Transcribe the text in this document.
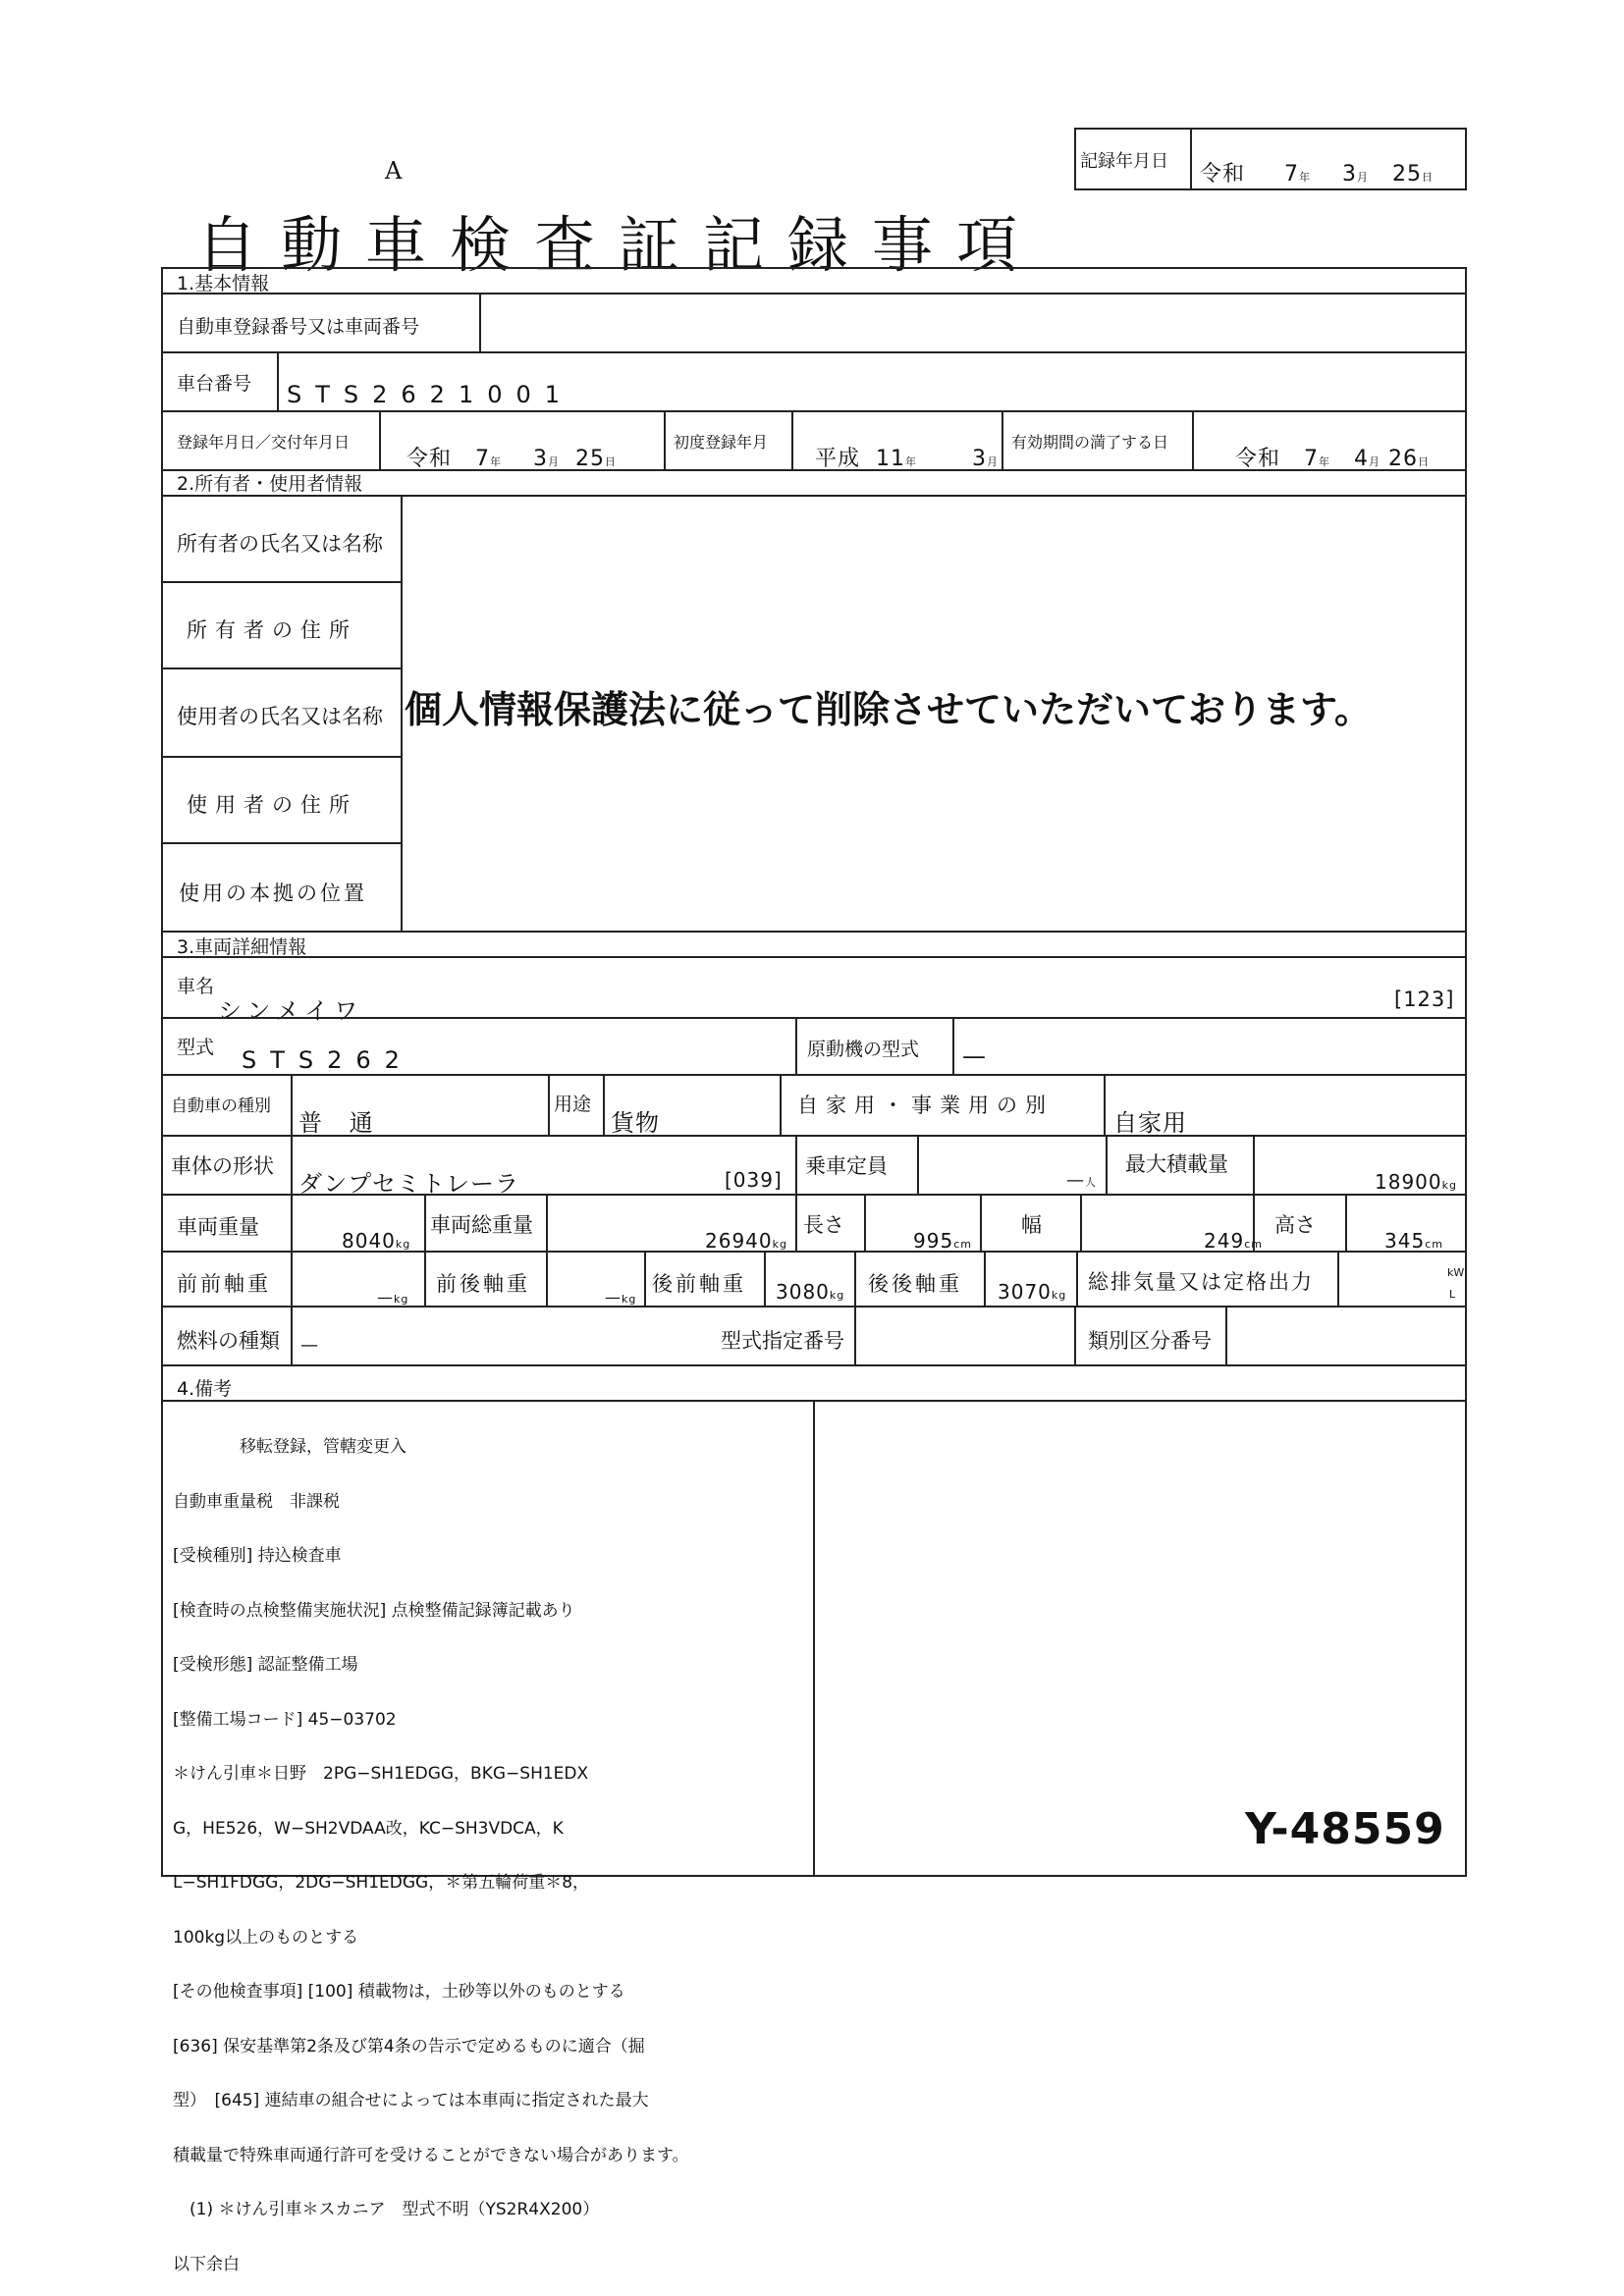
A
自動車検査証記録事項
記録年月日
令和 7年 3月 25日
1.基本情報
自動車登録番号又は車両番号
車台番号 STS2621001
登録年月日／交付年月日
令和 7年 3月 25日
初度登録年月
平成 11年	3月
有効期間の満了する日
令和 7年 4月 26日
2.所有者・使用者情報
所有者の氏名又は名称
所有者の住所
使用者の氏名又は名称
使用者の住所
使用の本拠の位置
個人情報保護法に従って削除させていただいております。
3.車両詳細情報
車名
シンメイワ	[123]
型式 STS262	原動機の型式 —
自動車の種別
普 通
用途
貨物
自家用・事業用の別
自家用
車体の形状
ダンプセミトレーラ	[039]
乗車定員
—人
最大積載量
18900kg
車両重量
8040kg
車両総重量
26940kg
長さ
995cm
幅
249cm
高さ
345cm
前前軸重
—kg
前後軸重
—kg
後前軸重 3080kg 後後軸重 3070kg
総排気量又は定格出力	kW
L
燃料の種類 —	型式指定番号	類別区分番号
4.備考

　　　　移転登録，管轄変更入

自動車重量税　非課税

[受検種別] 持込検査車

[検査時の点検整備実施状況] 点検整備記録簿記載あり

[受検形態] 認証整備工場

[整備工場コード] 45−03702

＊けん引車＊日野　2PG−SH1EDGG，BKG−SH1EDX

G，HE526，W−SH2VDAA改，KC−SH3VDCA，K

L−SH1FDGG，2DG−SH1EDGG，＊第五輪荷重＊8，

100kg以上のものとする

[その他検査事項] [100] 積載物は，土砂等以外のものとする

[636] 保安基準第2条及び第4条の告示で定めるものに適合（掘

型）　[645] 連結車の組合せによっては本車両に指定された最大

積載量で特殊車両通行許可を受けることができない場合があります。

　(1) ＊けん引車＊スカニア　型式不明（YS2R4X200）

以下余白

Y-48559
